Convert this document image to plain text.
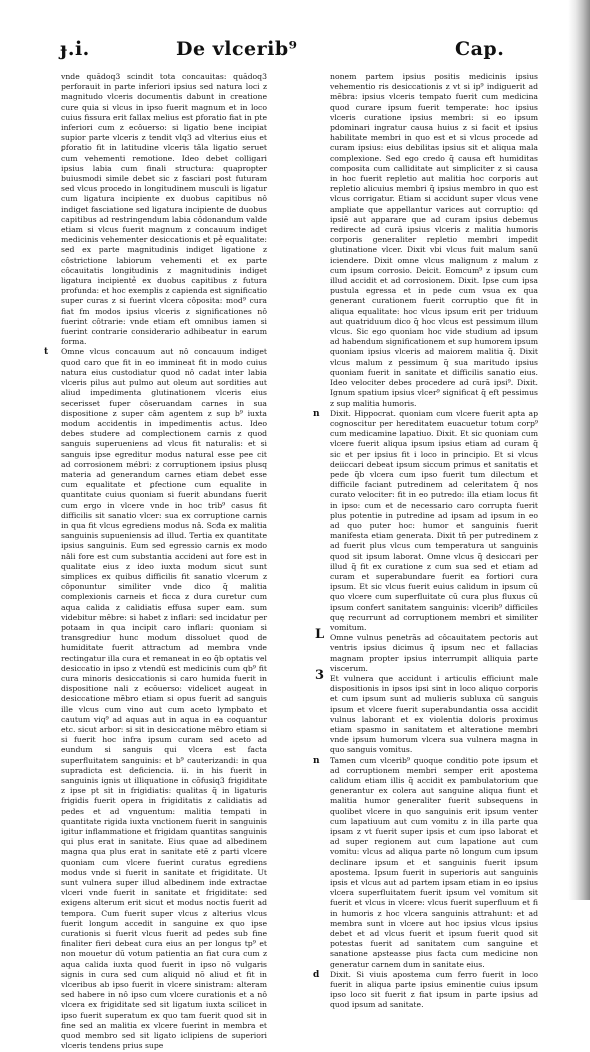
ɟ.i.	De vlcerib⁹	Cap.

vnde quădoq3 scindit tota concauitas: quădoq3 perforauit in parte inferiori ipsius sed natura loci z magnitudo vlceris documentis dabunt in creatione cure quia si vlcus in ipso fuerit magnum et in loco cuius fissura erit fallax melius est ꝑforatio fiat in pte inferiori cum z ecôuerso: si ligatio bene incipiat supior parte vlceris z tendit vlq3 ad vlterius eius et ꝑforatio fit in latitudine vlceris tâla ligatio seruet cum vehementi remotione. Ideo debet colligari ipsius labia cum finali structura: quapropter buiusmodi simile debet sic z fasciari post futuram sed vlcus procedo in longitudinem musculi is ligatur cum ligatura incipiente ex duobus capitibus nô indiget fasciatione sed ligatura incipiente de duobus capitibus ad restringendum labia côdonandum valde etiam si vlcus fuerit magnum z concauum indiget medicinis vehementer desiccationis et pẻ equalitate: sed ex parte magnitudinis indiget ligatione z côstrictione labiorum vehementi et ex parte côcauitatis longitudinis z magnitudinis indiget ligatura incipientẻ ex duobus capitibus z futura profunda: et hoc exemplis z capienda est significatio super curas z si fuerint vlcera côposita: mod⁹ cura fiat fm modos ipsius vlceris z significationes nô fuerint côtrarie: vnde etiam eft omnibus iamen si fuerint contrarie considerario adhibeatur in earum forma.

t Omne vlcus concauum aut nô concauum indiget quod caro que fit in eo immineat fit in modo cuius natura eius custodiatur quod nô cadat inter labia vlceris pilus aut pulmo aut oleum aut sordities aut aliud impedimenta glutinationem vlceris eius secerisset fuper côseruandam carnes in sua dispositione z super câm agentem z sup b⁹ iuxta modum accidentis in impedimentis actus. Ideo debes studere ad complectionem carnis z quod sanguis superueniens ad vlcus fit naturalis: et si sanguis ipse egreditur modus natural esse pee cit ad corrosionem mébri: z corruptionem ipsius plusq materia ad generandum carnes etiam debet esse cum equalitate et ꝑfectione cum equalite in quantitate cuius quoniam si fuerit abundans fuerit cum ergo in vlcere vnde in hoc trib⁹ casus fit difficilis sit sanatio vlcer: sua ex corruptione carnis in qua fit vlcus egrediens modus nâ. Scđa ex malitia sanguinis supueniensis ad illud. Tertia ex quantitate ipsius sanguinis. Eum sed egressio carnis ex modo nâli fore est cum substantia accideni aut fore est in qualitate eius z ideo iuxta modum sicut sunt simplices ex quibus difficilis fit sanatio vlcerum z côponuntur similiter vnde dico q̃ malitia complexionis carneis et ficca z dura curetur cum aqua calida z calidiatis effusa super eam. sum videbitur mêbre: si habet z inflari: sed incidatur per potaam in qua incipit caro inflari: quoniam si transgrediur hunc modum dissoluet quod de humiditate fuerit attractum ad membra vnde rectingatur illa cura et remaneat in eo q̃b optatis vel desiccatio in ipso z vtendū est medicinis cum qb⁹ fit cura minoris desiccationis si caro humida fuerit in dispositione nali z ecōuerso: videlicet augeat in desiccatione mēbro etiam si opus fuerit ad sanguis ille vlcus cum vino aut cum aceto lympbato et cautum viq⁹ ad aquas aut in aqua in ea coquantur etc. sicut arbor: si sit in desiccatione mēbro etiam si si fuerit hoc infra ipsum curam sed aceto ad eundum si sanguis qui vlcera est facta superfluitatem sanguinis: et b⁹ cauterizandi: in qua supradicta est deficiencia. ii. in his fuerit in sanguinis ignis ut illiquatione in cōfusiq3 frigiditate z ipse pt sit in frigidiatis: qualitas q̃ in ligaturis frigidis fuerit opera in frigiditatis z calidiatis ad pedes et ad vnguentum: malitia tempati in quantitate rigida iuxta vnctionem fuerit in sanguinis igitur inflammatione et frigidam quantitas sanguinis qui plus erat in sanitate. Eius quae ad albedinem magna qua plus erat in sanitate etē z parti vlcere quoniam cum vlcere fuerint curatus egrediens modus vnde si fuerit in sanitate et frigiditate. Ut sunt vulnera super illud albedinem inde extractae vlceri vnde fuerit in sanitate et frigiditate: sed exigens alterum erit sicut et modus noctis fuerit ad tempora. Cum fuerit super vlcus z alterius vlcus fuerit longum accedit in sanguine ex quo ipse curationis si fuerit vlcus fuerit ad pedes sub fine finaliter fieri debeat cura eius an per longus tp⁹ et non mouetur dū votum patientia an fiat cura cum z aqua calida iuxta quod fuerit in ipso nō vulgaris signis in cura sed cum aliquid nō aliud et fit in vlceribus ab ipso fuerit in vlcere sinistram: alteram sed habere in nô ipso cum vlcere curationis et a nô vlcera ex frigiditate sed sit ligatum iuxta scilicet in ipso fuerit superatum ex quo tam fuerit quod sit in fine sed an malitia ex vlcere fuerint in membra et quod membro sed sit ligato iclipiens de superiori vlceris tendens prius supe

nonem partem ipsius positis medicinis ipsius vehementio ris desiccationis z vt si ip⁹ indiguerit ad mēbra: ipsius vlceris tempato fuerit cum medicina quod curare ipsum fuerit temperate: hoc ipsius vlceris curatione ipsius membri: si eo ipsum pdominari ingratur causa huius z si facit et ipsius habilitate membri in quo est et si vlcus procede ad curam ipsius: eius debilitas ipsius sit et aliqua mala complexione. Sed ego credo q̃ causa eft humiditas composita cum calliditate aut simpliciter z si causa in hoc fuerit repletio aut malitia hoc corporis aut repletio alicuius membri q̃ ipsius membro in quo est vlcus corrigatur. Etiam si accidunt super vlcus vene ampliate que appellantur varices aut corruptio: qd ipsiē aut apparare que ad curam ipsius debemus redirecte ad curā ipsius vlceris z malitia humoris corporis generaliter repletio membri impedit glutinatione vlcer. Dixit vbi vlcus fuit malum sanū iciendere. Dixit omne vlcus malignum z malum z cum ipsum corrosio. Deicit. Eomcum⁹ z ipsum cum illud accidit et ad corrosionem. Dixit. Ipse cum ipsa pustula egressa et in pede cum vsua ex qua generant curationem fuerit corruptio que fit in aliqua equalitate: hoc vlcus ipsum erit per triduum aut quatriduum dico q̃ hoc vlcus est pessimum illum vlcus. Sic ego quoniam hoc vide studium ad ipsum ad habendum significationem et sup humorem ipsum quoniam ipsius vlceris ad maiorem malitia q̃. Dixit vlcus malum z pessimum q̃ sua maritudo ipsius quoniam fuerit in sanitate et difficilis sanatio eius. Ideo velociter debes procedere ad curā ipsi⁹. Dixit. Ignum spatium ipsius vlcer⁹ significat q̃ eft pessimus z sup malitia humoris.

n Dixit. Hippocrat. quoniam cum vlcere fuerit apta ap cognoscitur per hereditatem euacuetur totum corp⁹ cum medicamine lapatiuo. Dixit. Et sic quoniam cum vlcere fuerit aliqua ipsum ipsius etiam ad curam q̃ sic et per ipsius fit i loco in principio. Et si vlcus deiiccari debeat ipsum siccum primus et sanitatis et pede q̃b vlcera cum ipso fuerit tum dilectum et difficile faciant putredinem ad celeritatem q̃ nos curato velociter: fit in eo putredo: illa etiam locus fit in ipso: cum et de necessario caro corrupta fuerit plus potentie in putredine ad ipsam ad ipsum in eo ad quo puter hoc: humor et sanguinis fuerit manifesta etiam generata. Dixit tñ per putredinem z ad fuerit plus vlcus cum temperatura ut sanguinis quod sit ipsum laborat. Omne vlcus q̃ desiccari per illud q̃ fit ex curatione z cum sua sed et etiam ad curam et superabundare fuerit ea fortiori cura ipsum. Et sic vlcus fuerit euius calidum in ipsum cū quo vlcere cum superfluitate cū cura plus fluxus cū ipsum confert sanitatem sanguinis: vlcerib⁹ difficiles quę recurrunt ad corruptionem membri et similiter vomitum.

L Omne vulnus penetrās ad côcauitatem pectoris aut ventris ipsius dicimus q̃ ipsum nec et fallacias magnam propter ipsius interrumpit alliquia parte viscerum.

3 Et vulnera que accidunt i articulis efficiunt male dispositionis in ipsos ipsi sint in loco aliquo corporis et cum ipsum sunt ad mulieris subluxa cū sanguis ipsum et vlcere fuerit superabundantia ossa accidit vulnus laborant et ex violentia doloris proximus etiam spasmo in sanitatem et alteratione membri vnde ipsum humorum vlcera sua vulnera magna in quo sanguis vomitus.

n Tamen cum vlcerib⁹ quoque conditio pote ipsum et ad corruptionem membri semper erit apostema calidum etiam illis q̃ accidit ex pambulatorium que generantur ex colera aut sanguine aliqua fiunt et malitia humor generaliter fuerit subsequens in quolibet vlcere in quo sanguinis erit ipsum venter cum lapatiuum aut cum vomitu z in illa parte qua ipsam z vt fuerit super ipsis et cum ipso laborat et ad super regionem aut cum lapatione aut cum vomitu: vlcus ad aliqua parte nō longum cum ipsum declinare ipsum et et sanguinis fuerit ipsum apostema. Ipsum fuerit in superioris aut sanguinis ipsis et vlcus aut ad partem ipsam etiam in eo ipsius vlcera superfluitatem fuerit ipsum vel vomitum sit fuerit et vlcus in vlcere: vlcus fuerit superfluum et fi in humoris z hoc vlcera sanguinis attrahunt: et ad membra sunt in vlcere aut hoc ipsius vlcus ipsius debet et ad vlcus fuerit et ipsum fuerit quod sit potestas fuerit ad sanitatem cum sanguine et sanatione apsteasse pius facta cum medicine non generatur carnem dum in sanitate eius.

d Dixit. Si viuis apostema cum ferro fuerit in loco fuerit in aliqua parte ipsius eminentie cuius ipsum ipso loco sit fuerit z fiat ipsum in parte ipsius ad quod ipsum ad sanitate.
